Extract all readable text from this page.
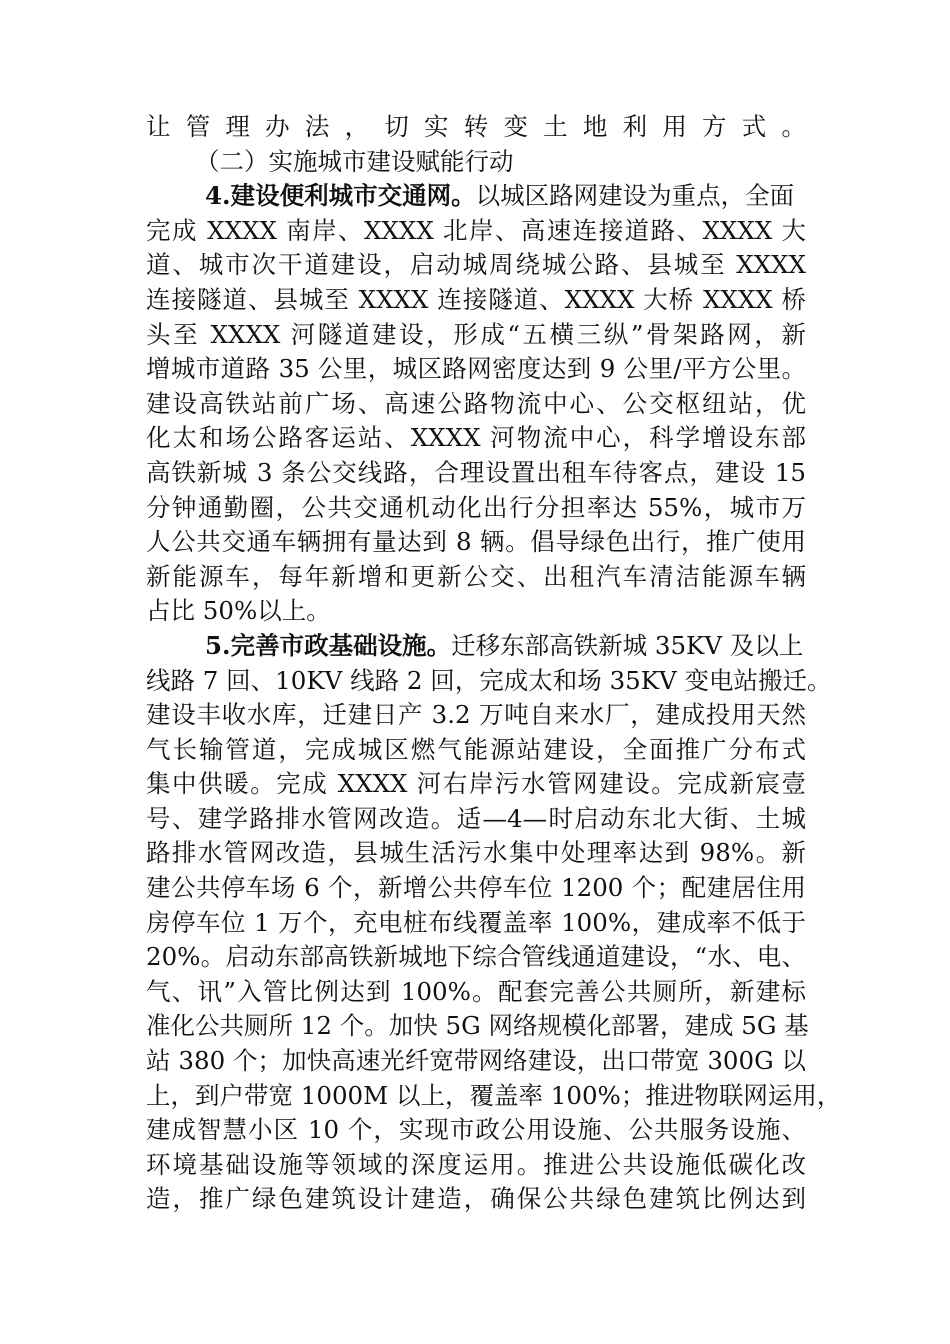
让管理办法，切实转变土地利用方式。
（二）实施城市建设赋能行动
4.建设便利城市交通网。以城区路网建设为重点，全面
完成 XXXX 南岸、XXXX 北岸、高速连接道路、XXXX 大
道、城市次干道建设，启动城周绕城公路、县城至 XXXX
连接隧道、县城至 XXXX 连接隧道、XXXX 大桥 XXXX 桥
头至 XXXX 河隧道建设，形成“五横三纵”骨架路网，新
增城市道路 35 公里，城区路网密度达到 9 公里/平方公里。
建设高铁站前广场、高速公路物流中心、公交枢纽站，优
化太和场公路客运站、XXXX 河物流中心，科学增设东部
高铁新城 3 条公交线路，合理设置出租车待客点，建设 15
分钟通勤圈，公共交通机动化出行分担率达 55%，城市万
人公共交通车辆拥有量达到 8 辆。倡导绿色出行，推广使用
新能源车，每年新增和更新公交、出租汽车清洁能源车辆
占比 50%以上。
5.完善市政基础设施。迁移东部高铁新城 35KV 及以上
线路 7 回、10KV 线路 2 回，完成太和场 35KV 变电站搬迁。
建设丰收水库，迁建日产 3.2 万吨自来水厂，建成投用天然
气长输管道，完成城区燃气能源站建设，全面推广分布式
集中供暖。完成 XXXX 河右岸污水管网建设。完成新宸壹
号、建学路排水管网改造。适—4—时启动东北大街、土城
路排水管网改造，县城生活污水集中处理率达到 98%。新
建公共停车场 6 个，新增公共停车位 1200 个；配建居住用
房停车位 1 万个，充电桩布线覆盖率 100%，建成率不低于
20%。启动东部高铁新城地下综合管线通道建设，“水、电、
气、讯”入管比例达到 100%。配套完善公共厕所，新建标
准化公共厕所 12 个。加快 5G 网络规模化部署，建成 5G 基
站 380 个；加快高速光纤宽带网络建设，出口带宽 300G 以
上，到户带宽 1000M 以上，覆盖率 100%；推进物联网运用，
建成智慧小区 10 个，实现市政公用设施、公共服务设施、
环境基础设施等领域的深度运用。推进公共设施低碳化改
造，推广绿色建筑设计建造，确保公共绿色建筑比例达到
